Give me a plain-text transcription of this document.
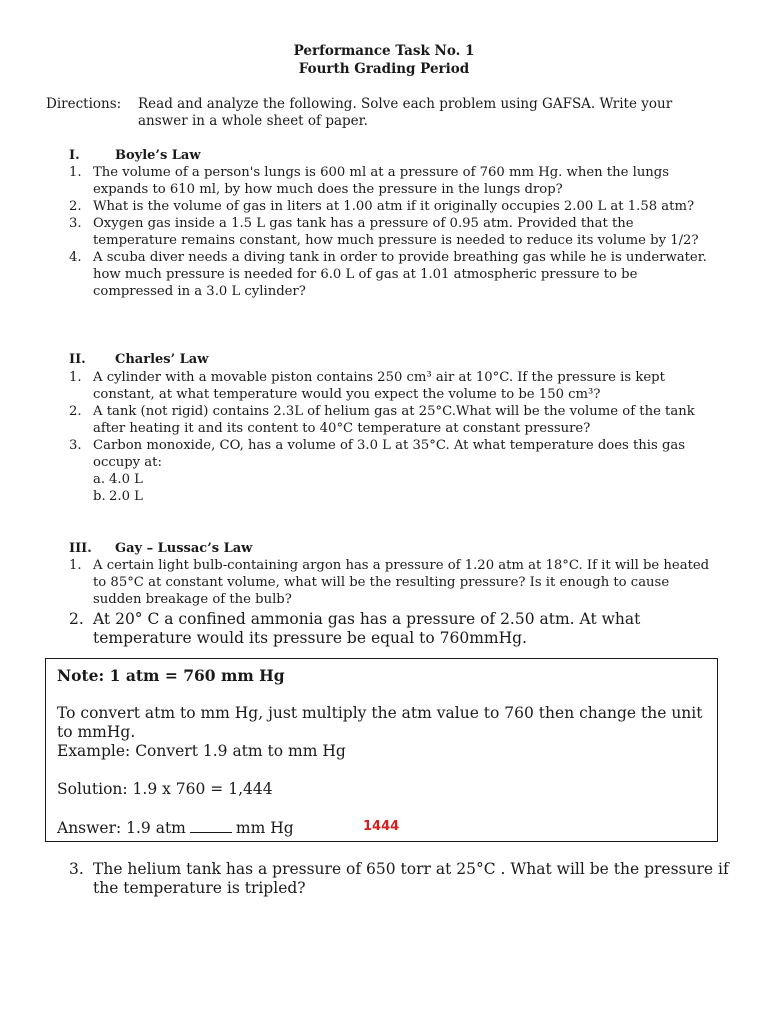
Performance Task No. 1
Fourth Grading Period
Directions: Read and analyze the following. Solve each problem using GAFSA. Write your answer in a whole sheet of paper.
I.	Boyle’s Law
1. The volume of a person's lungs is 600 ml at a pressure of 760 mm Hg. when the lungs expands to 610 ml, by how much does the pressure in the lungs drop?
2. What is the volume of gas in liters at 1.00 atm if it originally occupies 2.00 L at 1.58 atm?
3. Oxygen gas inside a 1.5 L gas tank has a pressure of 0.95 atm. Provided that the temperature remains constant, how much pressure is needed to reduce its volume by 1/2?
4. A scuba diver needs a diving tank in order to provide breathing gas while he is underwater. how much pressure is needed for 6.0 L of gas at 1.01 atmospheric pressure to be compressed in a 3.0 L cylinder?
II. Charles’ Law
1. A cylinder with a movable piston contains 250 cm³ air at 10°C. If the pressure is kept constant, at what temperature would you expect the volume to be 150 cm³?
2. A tank (not rigid) contains 2.3L of helium gas at 25°C.What will be the volume of the tank after heating it and its content to 40°C temperature at constant pressure?
3. Carbon monoxide, CO, has a volume of 3.0 L at 35°C. At what temperature does this gas occupy at:
a. 4.0 L
b. 2.0 L
III. Gay – Lussac’s Law
1. A certain light bulb-containing argon has a pressure of 1.20 atm at 18°C. If it will be heated to 85°C at constant volume, what will be the resulting pressure? Is it enough to cause sudden breakage of the bulb?
2. At 20° C a confined ammonia gas has a pressure of 2.50 atm. At what temperature would its pressure be equal to 760mmHg.
Note: 1 atm = 760 mm Hg
To convert atm to mm Hg, just multiply the atm value to 760 then change the unit to mmHg.
Example: Convert 1.9 atm to mm Hg
Solution: 1.9 x 760 = 1,444
Answer: 1.9 atm	mm Hg	1444
3. The helium tank has a pressure of 650 torr at 25°C . What will be the pressure if the temperature is tripled?
